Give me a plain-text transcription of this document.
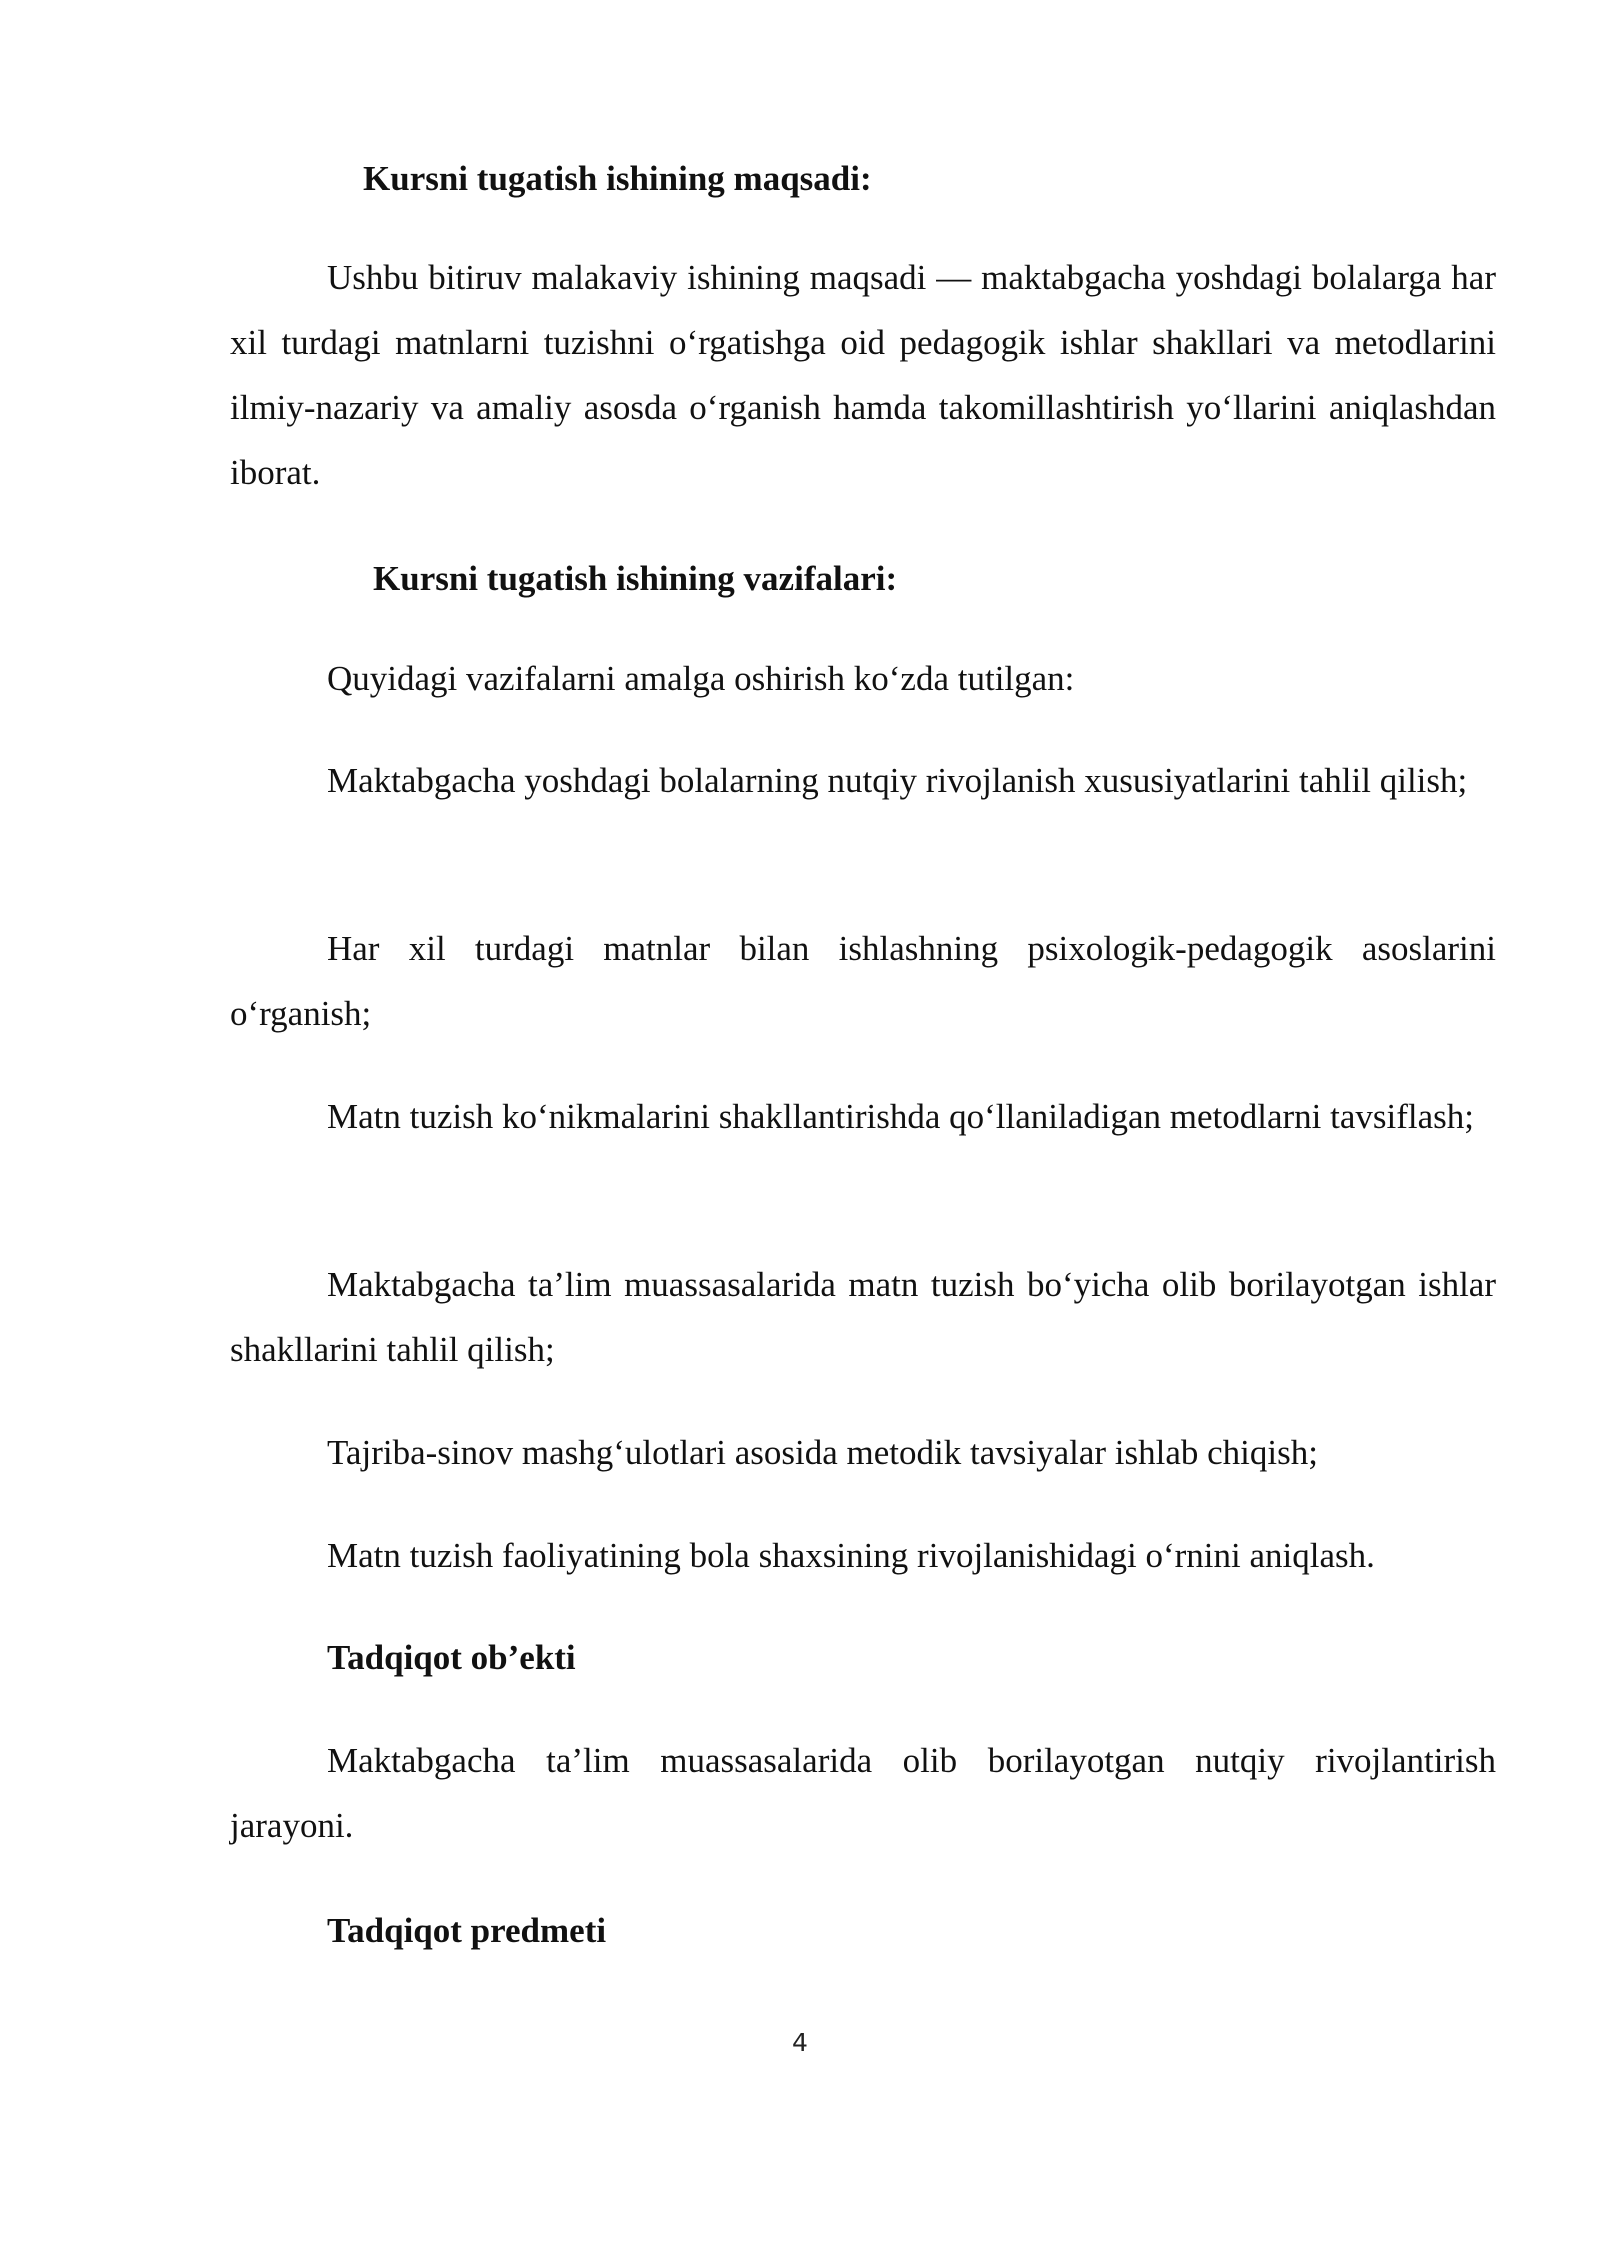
Kursni tugatish ishining maqsadi:

Ushbu bitiruv malakaviy ishining maqsadi — maktabgacha yoshdagi bolalarga har xil turdagi matnlarni tuzishni o‘rgatishga oid pedagogik ishlar shakllari va metodlarini ilmiy-nazariy va amaliy asosda o‘rganish hamda takomillashtirish yo‘llarini aniqlashdan iborat.

Kursni tugatish ishining vazifalari:

Quyidagi vazifalarni amalga oshirish ko‘zda tutilgan:

Maktabgacha yoshdagi bolalarning nutqiy rivojlanish xususiyatlarini tahlil qilish;

Har xil turdagi matnlar bilan ishlashning psixologik-pedagogik asoslarini o‘rganish;

Matn tuzish ko‘nikmalarini shakllantirishda qo‘llaniladigan metodlarni tavsiflash;

Maktabgacha ta’lim muassasalarida matn tuzish bo‘yicha olib borilayotgan ishlar shakllarini tahlil qilish;

Tajriba-sinov mashg‘ulotlari asosida metodik tavsiyalar ishlab chiqish;

Matn tuzish faoliyatining bola shaxsining rivojlanishidagi o‘rnini aniqlash.

Tadqiqot ob’ekti

Maktabgacha ta’lim muassasalarida olib borilayotgan nutqiy rivojlantirish jarayoni.

Tadqiqot predmeti
4
